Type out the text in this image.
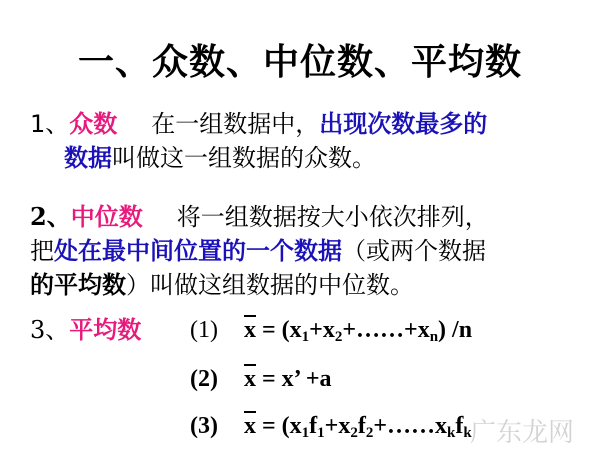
一、众数、中位数、平均数
1、众数 在一组数据中，出现次数最多的
数据叫做这一组数据的众数。
2、中位数 将一组数据按大小依次排列，
把处在最中间位置的一个数据（或两个数据
的平均数）叫做这组数据的中位数。
3、平均数 (1) $\overline{x}$ = $(x_1+x_2+\dots\dots+x_n)$ /n
(2) $\overline{x} = x$’ +a
(3) $\overline{x}$ = ($x_1f_1+x_2f_2+\dots\dots x_kf_k$
广东龙网
